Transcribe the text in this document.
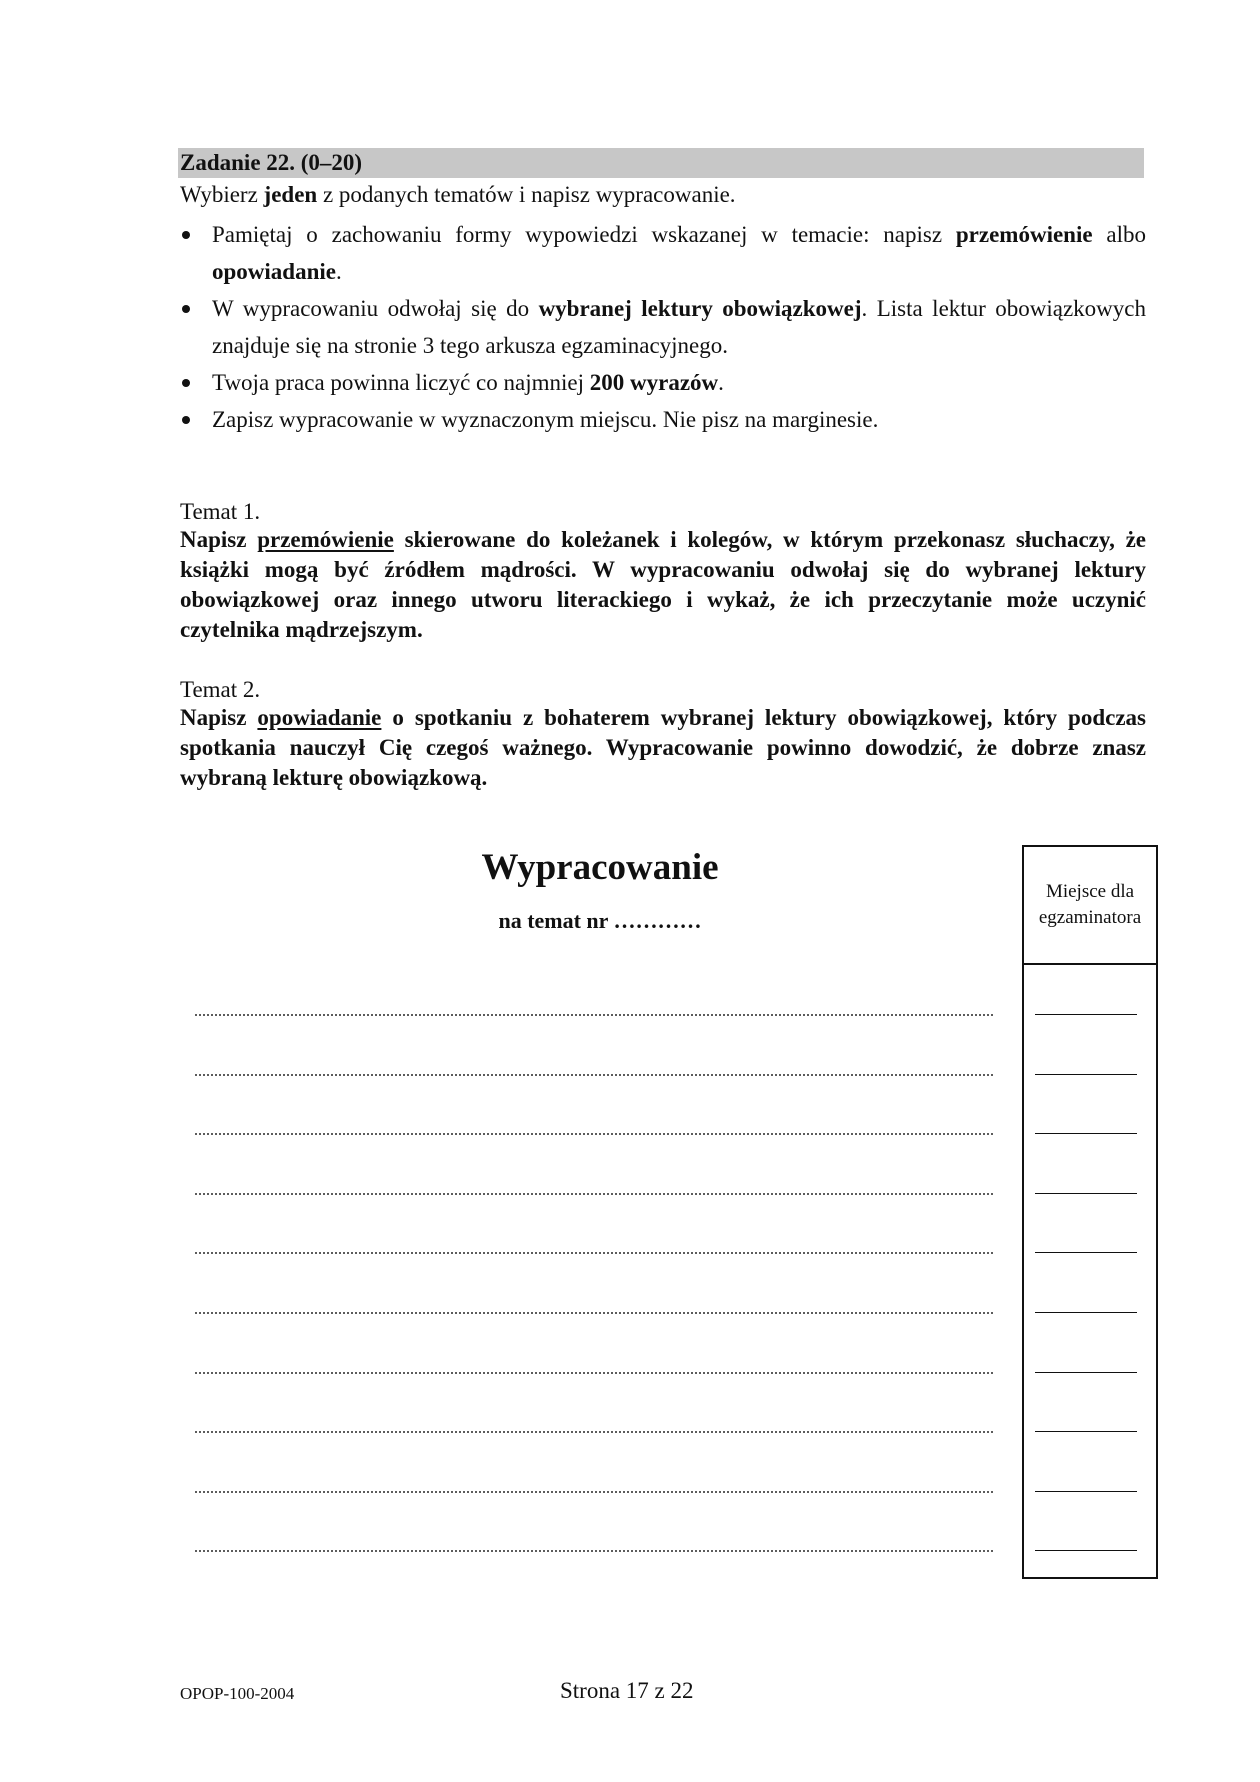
Zadanie 22. (0–20)
Wybierz jeden z podanych tematów i napisz wypracowanie.
Pamiętaj o zachowaniu formy wypowiedzi wskazanej w temacie: napisz przemówienie albo opowiadanie.
W wypracowaniu odwołaj się do wybranej lektury obowiązkowej. Lista lektur obowiązkowych znajduje się na stronie 3 tego arkusza egzaminacyjnego.
Twoja praca powinna liczyć co najmniej 200 wyrazów.
Zapisz wypracowanie w wyznaczonym miejscu. Nie pisz na marginesie.
Temat 1.
Napisz przemówienie skierowane do koleżanek i kolegów, w którym przekonasz słuchaczy, że książki mogą być źródłem mądrości. W wypracowaniu odwołaj się do wybranej lektury obowiązkowej oraz innego utworu literackiego i wykaż, że ich przeczytanie może uczynić czytelnika mądrzejszym.
Temat 2.
Napisz opowiadanie o spotkaniu z bohaterem wybranej lektury obowiązkowej, który podczas spotkania nauczył Cię czegoś ważnego. Wypracowanie powinno dowodzić, że dobrze znasz wybraną lekturę obowiązkową.
Wypracowanie
na temat nr …………
Miejsce dla egzaminatora
OPOP-100-2004	Strona 17 z 22
